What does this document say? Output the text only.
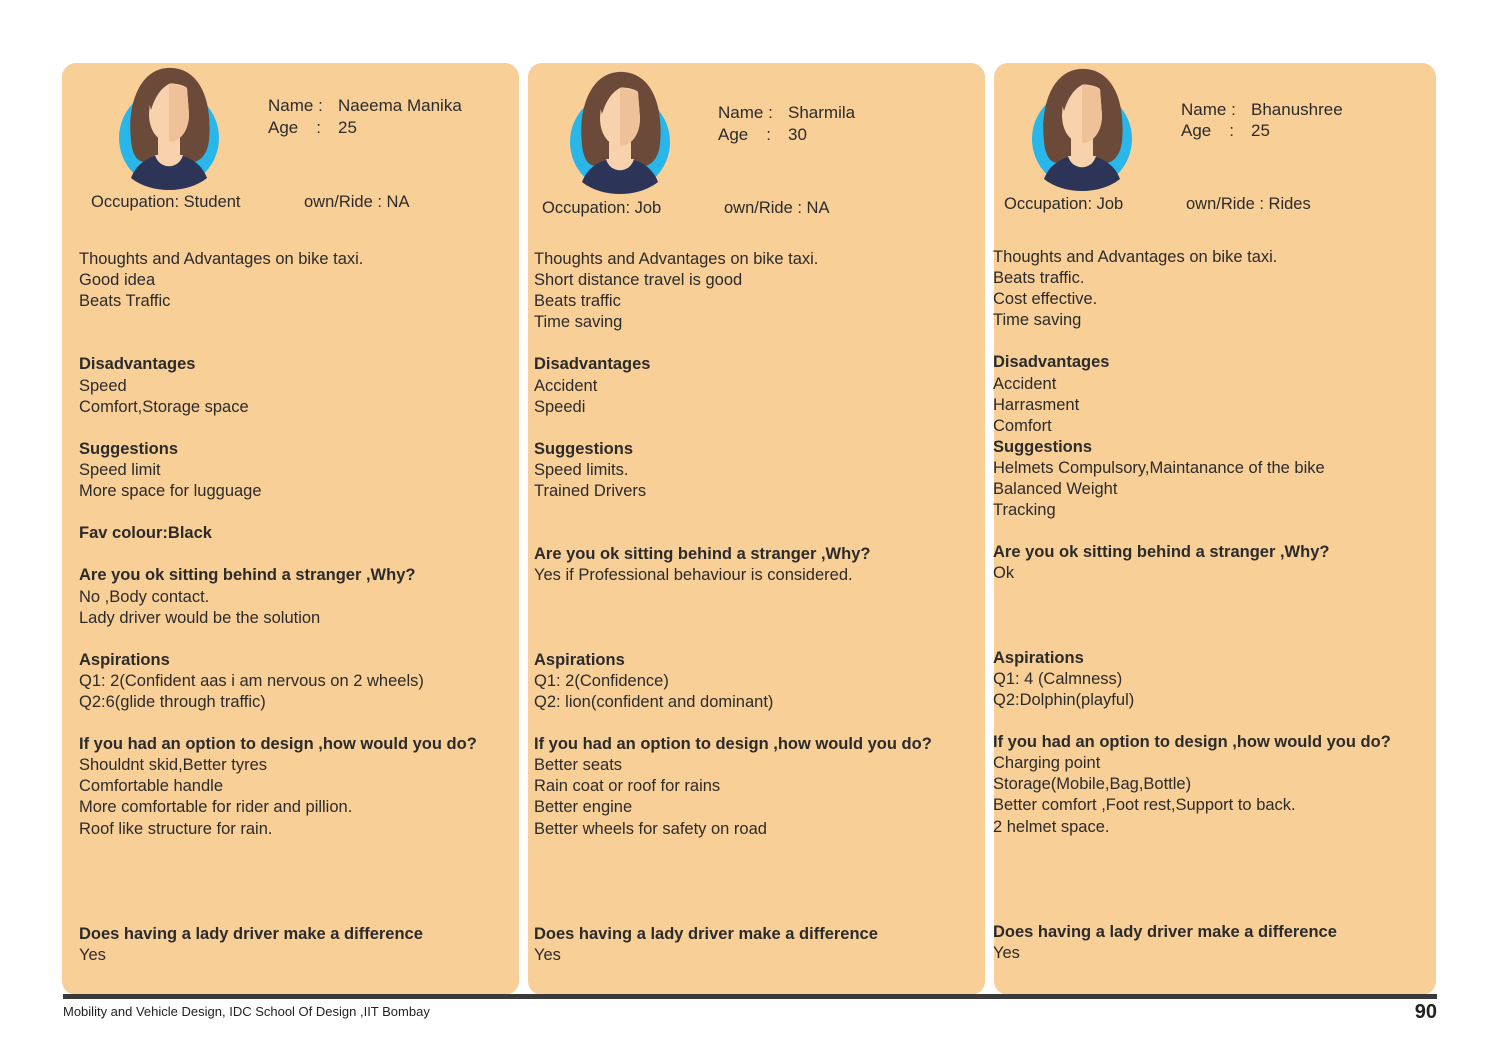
Name : Naeema Manika
Age : 25
Occupation: Student	own/Ride : NA
Thoughts and Advantages on bike taxi.
Good idea
Beats Traffic
Disadvantages
Speed
Comfort,Storage space
Suggestions
Speed limit
More space for lugguage
Fav colour:Black
Are you ok sitting behind a stranger ,Why?
No ,Body contact.
Lady driver would be the solution
Aspirations
Q1: 2(Confident aas i am nervous on 2 wheels)
Q2:6(glide through traffic)
If you had an option to design ,how would you do?
Shouldnt skid,Better tyres
Comfortable handle
More comfortable for rider and pillion.
Roof like structure for rain.
Does having a lady driver make a difference
Yes
Name : Sharmila
Age : 30
Occupation: Job	own/Ride : NA
Thoughts and Advantages on bike taxi.
Short distance travel is good
Beats traffic
Time saving
Disadvantages
Accident
Speedi
Suggestions
Speed limits.
Trained Drivers
Are you ok sitting behind a stranger ,Why?
Yes if Professional behaviour is considered.
Aspirations
Q1: 2(Confidence)
Q2: lion(confident and dominant)
If you had an option to design ,how would you do?
Better seats
Rain coat or roof for rains
Better engine
Better wheels for safety on road
Does having a lady driver make a difference
Yes
Name : Bhanushree
Age : 25
Occupation: Job	own/Ride : Rides
Thoughts and Advantages on bike taxi.
Beats traffic.
Cost effective.
Time saving
Disadvantages
Accident
Harrasment
Comfort
Suggestions
Helmets Compulsory,Maintanance of the bike
Balanced Weight
Tracking
Are you ok sitting behind a stranger ,Why?
Ok
Aspirations
Q1: 4 (Calmness)
Q2:Dolphin(playful)
If you had an option to design ,how would you do?
Charging point
Storage(Mobile,Bag,Bottle)
Better comfort ,Foot rest,Support to back.
2 helmet space.
Does having a lady driver make a difference
Yes
Mobility and Vehicle Design, IDC School Of Design ,IIT Bombay	90
